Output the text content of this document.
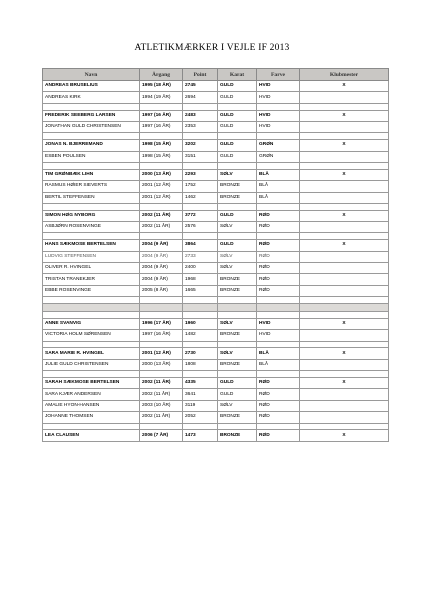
ATLETIKMÆRKER I VEJLE IF 2013
Navn	Årgang	Point	Karat	Farve	Klubmester
ANDREAS BRUSELIUS	1995 (18 ÅR)	2745	GULD	HVID	X
ANDREAS KIRK	1994 (19 ÅR)	2694	GULD	HVID	

FREDERIK SEEBERG LARSEN	1997 (16 ÅR)	2483	GULD	HVID	X
JONATHAN GULD CHRISTENSEN	1997 (16 ÅR)	2353	GULD	HVID	

JONAS N. BJERREMAND	1998 (15 ÅR)	3202	GULD	GRØN	X
ESBEN POULSEN	1998 (15 ÅR)	3151	GULD	GRØN	

TIM GRØNBÆK LIHN	2000 (13 ÅR)	2293	SØLV	BLÅ	X
RASMUS HØIER SIEVERTS	2001 (12 ÅR)	1752	BRONZE	BLÅ	
BERTIL STEFFENSEN	2001 (12 ÅR)	1462	BRONZE	BLÅ	

SIMON HØG NYBORG	2002 (11 ÅR)	3772	GULD	RØD	X
ASBJØRN ROSENVINGE	2002 (11 ÅR)	2576	SØLV	RØD	

HANS SÆKMOSE BERTELSEN	2004 (9 ÅR)	3864	GULD	RØD	X
LUDVIG STEFFENSEN	2004 (9 ÅR)	2733	SØLV	RØD	
OLIVER R. HVINGEL	2004 (9 ÅR)	2400	SØLV	RØD	
TRISTAN TRANEKJER	2004 (9 ÅR)	1968	BRONZE	RØD	
EBBE ROSENVINGE	2005 (8 ÅR)	1665	BRONZE	RØD	

ANNE SVANVIG	1996 (17 ÅR)	1960	SØLV	HVID	X
VICTORIA HOLM SØRENSEN	1997 (16 ÅR)	1482	BRONZE	HVID	

SARA MARIE R. HVINGEL	2001 (12 ÅR)	2730	SØLV	BLÅ	X
JULIE GULD CHRISTENSEN	2000 (13 ÅR)	1808	BRONZE	BLÅ	

SARAH SÆKMOSE BERTELSEN	2002 (11 ÅR)	4335	GULD	RØD	X
SARA KJÆR ANDERSEN	2002 (11 ÅR)	3641	GULD	RØD	
AMALIE HYON-HANSEN	2003 (10 ÅR)	3119	SØLV	RØD	
JOHANNE THOMSEN	2002 (11 ÅR)	2052	BRONZE	RØD	

LEA CLAUSEN	2006 (7 ÅR)	1473	BRONZE	RØD	X
